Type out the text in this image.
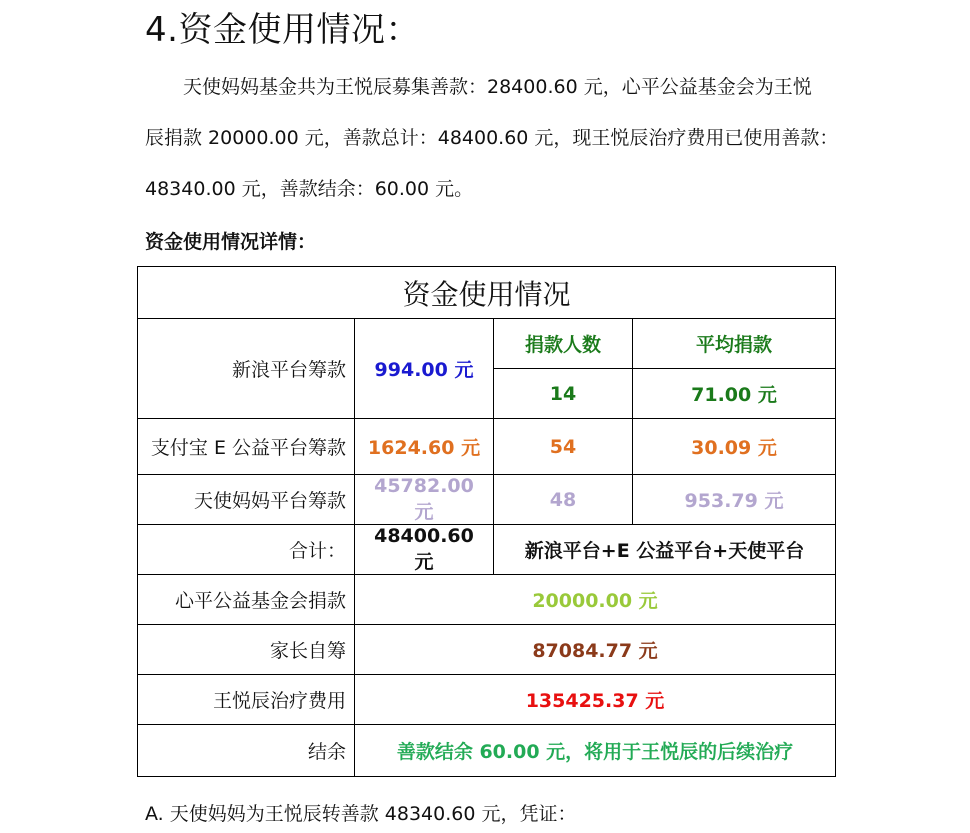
4.资金使用情况：

天使妈妈基金共为王悦辰募集善款：28400.60 元，心平公益基金会为王悦

辰捐款 20000.00 元，善款总计：48400.60 元，现王悦辰治疗费用已使用善款：

48340.00 元，善款结余：60.00 元。

资金使用情况详情：

资金使用情况			
新浪平台筹款	994.00 元	捐款人数	平均捐款
		14	71.00 元
支付宝 E 公益平台筹款	1624.60 元	54	30.09 元
天使妈妈平台筹款	45782.00 元	48	953.79 元
合计：	48400.60 元	新浪平台+E 公益平台+天使平台	
心平公益基金会捐款	20000.00 元		
家长自筹	87084.77 元		
王悦辰治疗费用	135425.37 元		
结余	善款结余 60.00 元，将用于王悦辰的后续治疗		

A. 天使妈妈为王悦辰转善款 48340.60 元，凭证：
